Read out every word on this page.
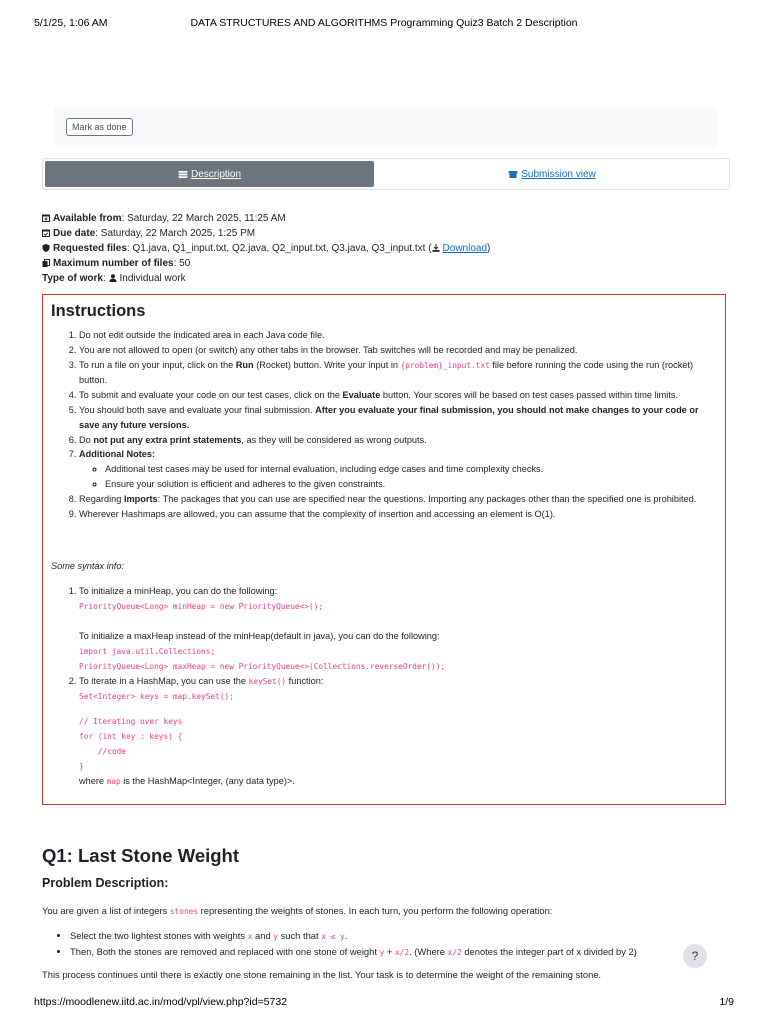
5/1/25, 1:06 AM	DATA STRUCTURES AND ALGORITHMS Programming Quiz3 Batch 2 Description
Mark as done
Description	Submission view
Available from: Saturday, 22 March 2025, 11:25 AM
Due date: Saturday, 22 March 2025, 1:25 PM
Requested files: Q1.java, Q1_input.txt, Q2.java, Q2_input.txt, Q3.java, Q3_input.txt ( Download)
Maximum number of files: 50
Type of work: Individual work
Instructions
1. Do not edit outside the indicated area in each Java code file.
2. You are not allowed to open (or switch) any other tabs in the browser. Tab switches will be recorded and may be penalized.
3. To run a file on your input, click on the Run (Rocket) button. Write your input in {problem}_input.txt file before running the code using the run (rocket) button.
4. To submit and evaluate your code on our test cases, click on the Evaluate button. Your scores will be based on test cases passed within time limits.
5. You should both save and evaluate your final submission. After you evaluate your final submission, you should not make changes to your code or save any future versions.
6. Do not put any extra print statements, as they will be considered as wrong outputs.
7. Additional Notes:
◦ Additional test cases may be used for internal evaluation, including edge cases and time complexity checks.
◦ Ensure your solution is efficient and adheres to the given constraints.
8. Regarding Imports: The packages that you can use are specified near the questions. Importing any packages other than the specified one is prohibited.
9. Wherever Hashmaps are allowed, you can assume that the complexity of insertion and accessing an element is O(1).
Some syntax info:
1. To initialize a minHeap, you can do the following:
PriorityQueue<Long> minHeap = new PriorityQueue<>();
To initialize a maxHeap instead of the minHeap(default in java), you can do the following:
import java.util.Collections;
PriorityQueue<Long> maxHeap = new PriorityQueue<>(Collections.reverseOrder());
2. To iterate in a HashMap, you can use the keySet() function:
Set<Integer> keys = map.keySet();
// Iterating over keys
for (int key : keys) {
//code
}
where map is the HashMap<Integer, (any data type)>.
Q1: Last Stone Weight
Problem Description:
You are given a list of integers stones representing the weights of stones. In each turn, you perform the following operation:
• Select the two lightest stones with weights x and y such that x ≤ y.
• Then, Both the stones are removed and replaced with one stone of weight y + x/2. (Where x/2 denotes the integer part of x divided by 2)
This process continues until there is exactly one stone remaining in the list. Your task is to determine the weight of the remaining stone.
?
https://moodlenew.iitd.ac.in/mod/vpl/view.php?id=5732	1/9
